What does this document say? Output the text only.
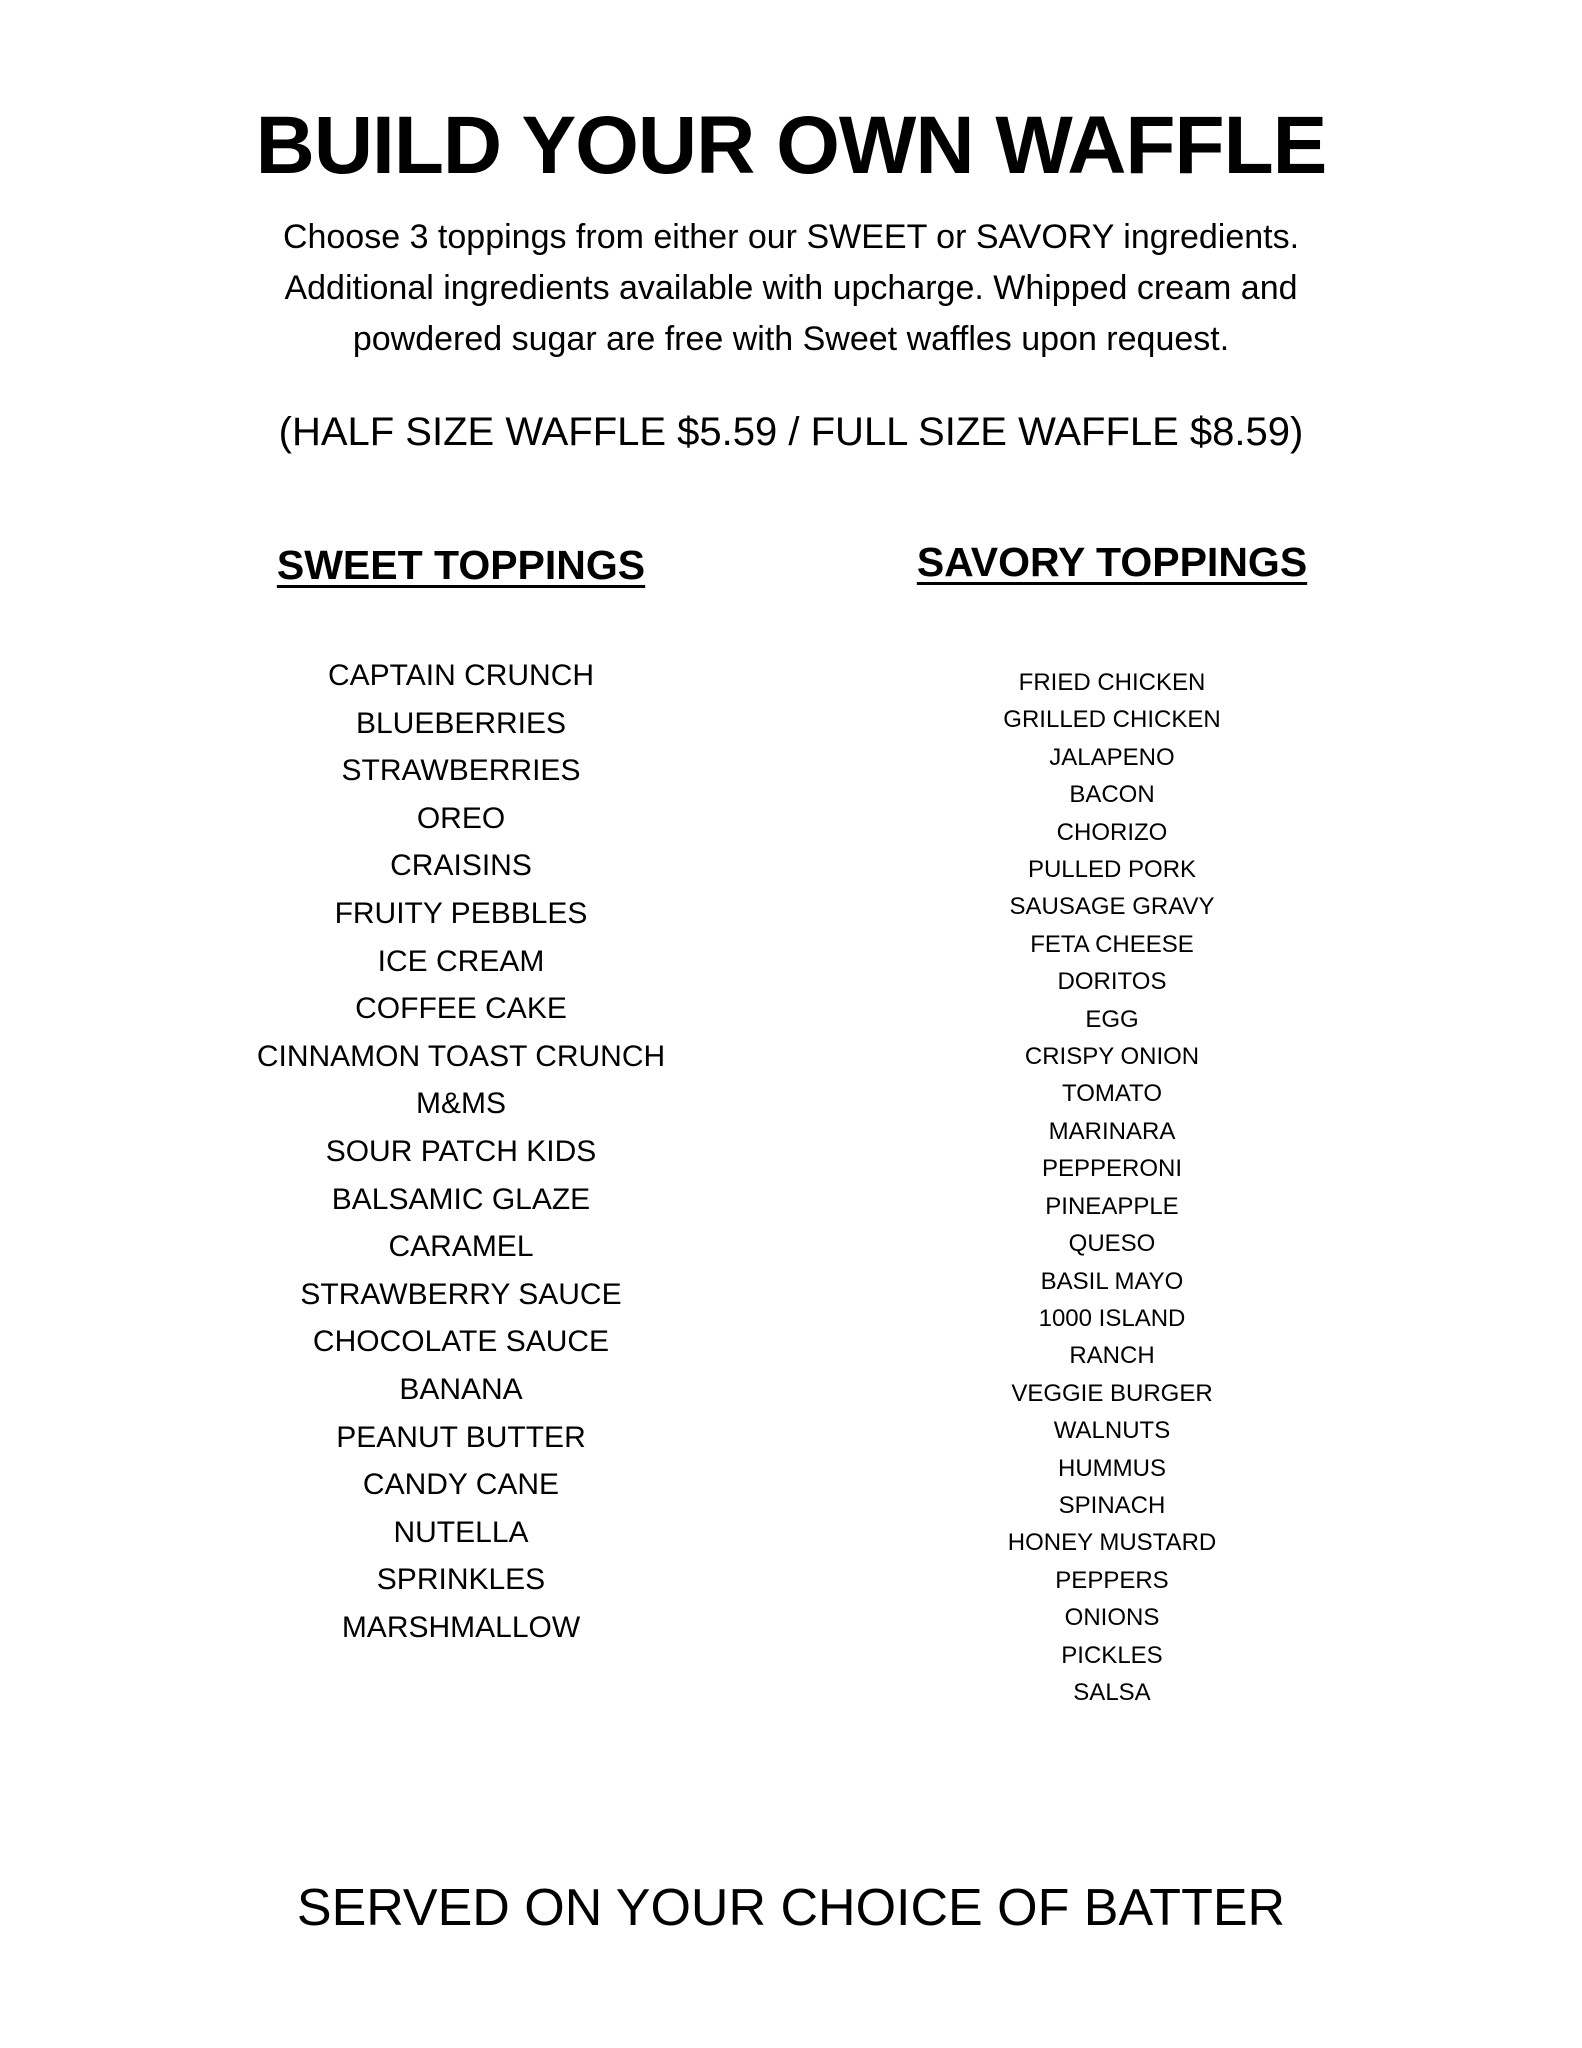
BUILD YOUR OWN WAFFLE
Choose 3 toppings from either our SWEET or SAVORY ingredients.
Additional ingredients available with upcharge. Whipped cream and
powdered sugar are free with Sweet waffles upon request.
(HALF SIZE WAFFLE $5.59 / FULL SIZE WAFFLE $8.59)
SWEET TOPPINGS
CAPTAIN CRUNCH
BLUEBERRIES
STRAWBERRIES
OREO
CRAISINS
FRUITY PEBBLES
ICE CREAM
COFFEE CAKE
CINNAMON TOAST CRUNCH
M&MS
SOUR PATCH KIDS
BALSAMIC GLAZE
CARAMEL
STRAWBERRY SAUCE
CHOCOLATE SAUCE
BANANA
PEANUT BUTTER
CANDY CANE
NUTELLA
SPRINKLES
MARSHMALLOW
SAVORY TOPPINGS
FRIED CHICKEN
GRILLED CHICKEN
JALAPENO
BACON
CHORIZO
PULLED PORK
SAUSAGE GRAVY
FETA CHEESE
DORITOS
EGG
CRISPY ONION
TOMATO
MARINARA
PEPPERONI
PINEAPPLE
QUESO
BASIL MAYO
1000 ISLAND
RANCH
VEGGIE BURGER
WALNUTS
HUMMUS
SPINACH
HONEY MUSTARD
PEPPERS
ONIONS
PICKLES
SALSA
SERVED ON YOUR CHOICE OF BATTER
